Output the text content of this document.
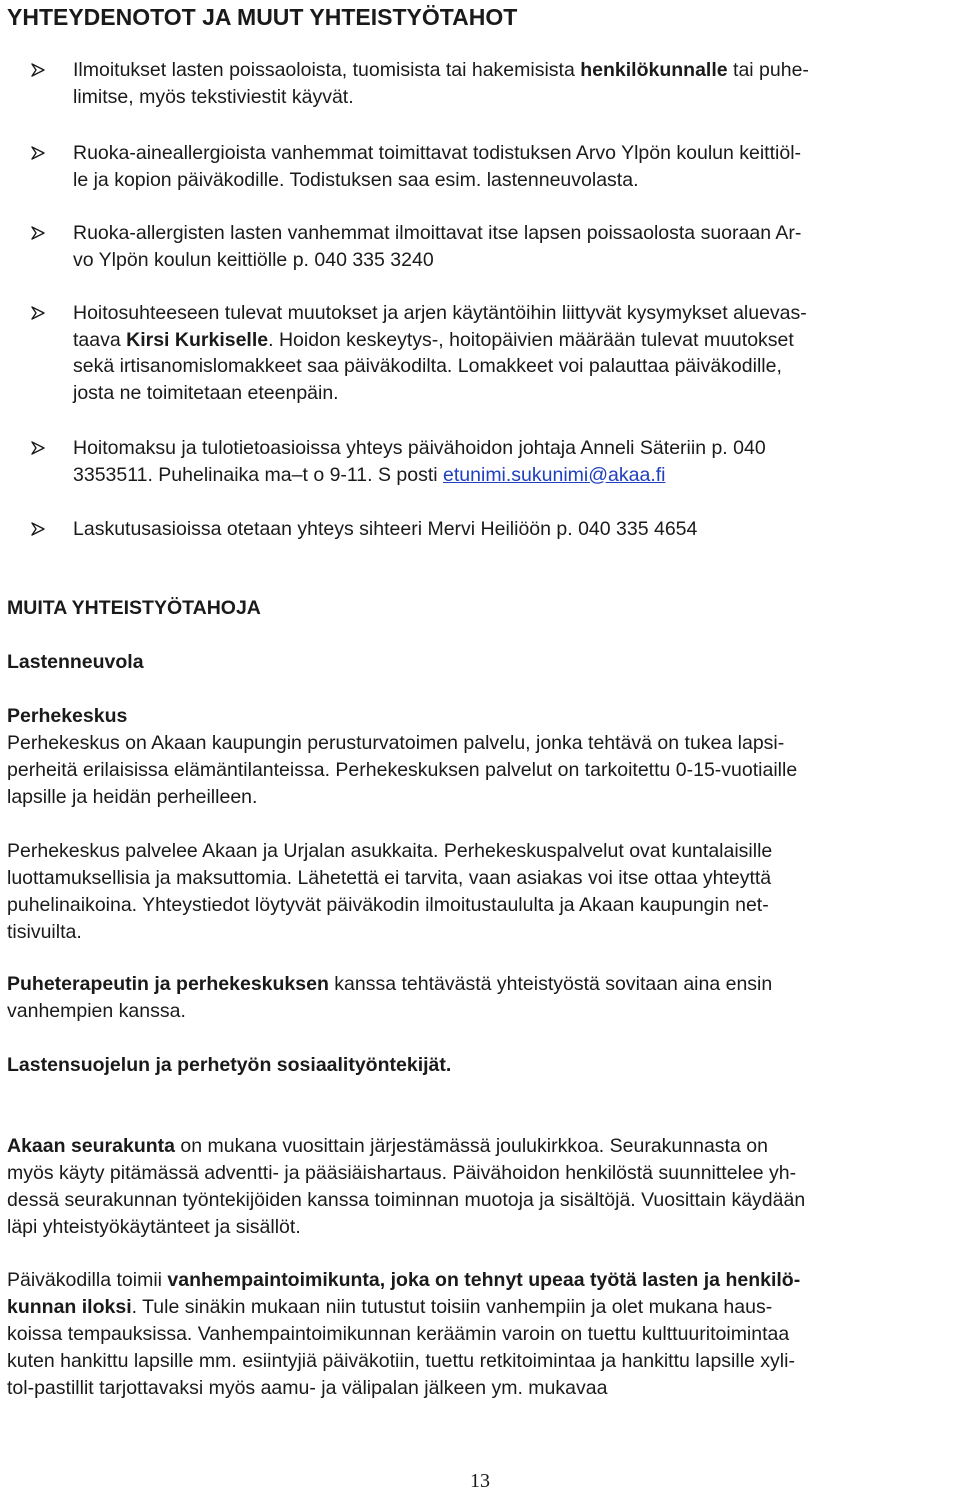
YHTEYDENOTOT JA MUUT YHTEISTYÖTAHOT
Ilmoitukset lasten poissaoloista, tuomisista tai hakemisista henkilökunnalle tai puhe-
limitse, myös tekstiviestit käyvät.
Ruoka-aineallergioista vanhemmat toimittavat todistuksen Arvo Ylpön koulun keittiöl-
le ja kopion päiväkodille. Todistuksen saa esim. lastenneuvolasta.
Ruoka-allergisten lasten vanhemmat ilmoittavat itse lapsen poissaolosta suoraan Ar-
vo Ylpön koulun keittiölle p. 040 335 3240
Hoitosuhteeseen tulevat muutokset ja arjen käytäntöihin liittyvät kysymykset aluevas-
taava Kirsi Kurkiselle. Hoidon keskeytys-, hoitopäivien määrään tulevat muutokset
sekä irtisanomislomakkeet saa päiväkodilta. Lomakkeet voi palauttaa päiväkodille,
josta ne toimitetaan eteenpäin.
Hoitomaksu ja tulotietoasioissa yhteys päivähoidon johtaja Anneli Säteriin p. 040
3353511. Puhelinaika ma–t o 9-11. S posti etunimi.sukunimi@akaa.fi
Laskutusasioissa otetaan yhteys sihteeri Mervi Heiliöön p. 040 335 4654
MUITA YHTEISTYÖTAHOJA
Lastenneuvola
Perhekeskus
Perhekeskus on Akaan kaupungin perusturvatoimen palvelu, jonka tehtävä on tukea lapsi-
perheitä erilaisissa elämäntilanteissa. Perhekeskuksen palvelut on tarkoitettu 0-15-vuotiaille
lapsille ja heidän perheilleen.
Perhekeskus palvelee Akaan ja Urjalan asukkaita. Perhekeskuspalvelut ovat kuntalaisille
luottamuksellisia ja maksuttomia. Lähetettä ei tarvita, vaan asiakas voi itse ottaa yhteyttä
puhelinaikoina. Yhteystiedot löytyvät päiväkodin ilmoitustaululta ja Akaan kaupungin net-
tisivuilta.
Puheterapeutin ja perhekeskuksen kanssa tehtävästä yhteistyöstä sovitaan aina ensin
vanhempien kanssa.
Lastensuojelun ja perhetyön sosiaalityöntekijät.
Akaan seurakunta on mukana vuosittain järjestämässä joulukirkkoa. Seurakunnasta on
myös käyty pitämässä adventti- ja pääsiäishartaus. Päivähoidon henkilöstä suunnittelee yh-
dessä seurakunnan työntekijöiden kanssa toiminnan muotoja ja sisältöjä. Vuosittain käydään
läpi yhteistyökäytänteet ja sisällöt.
Päiväkodilla toimii vanhempaintoimikunta, joka on tehnyt upeaa työtä lasten ja henkilö-
kunnan iloksi. Tule sinäkin mukaan niin tutustut toisiin vanhempiin ja olet mukana haus-
koissa tempauksissa. Vanhempaintoimikunnan keräämin varoin on tuettu kulttuuritoimintaa
kuten hankittu lapsille mm. esiintyjiä päiväkotiin, tuettu retkitoimintaa ja hankittu lapsille xyli-
tol-pastillit tarjottavaksi myös aamu- ja välipalan jälkeen ym. mukavaa
13
